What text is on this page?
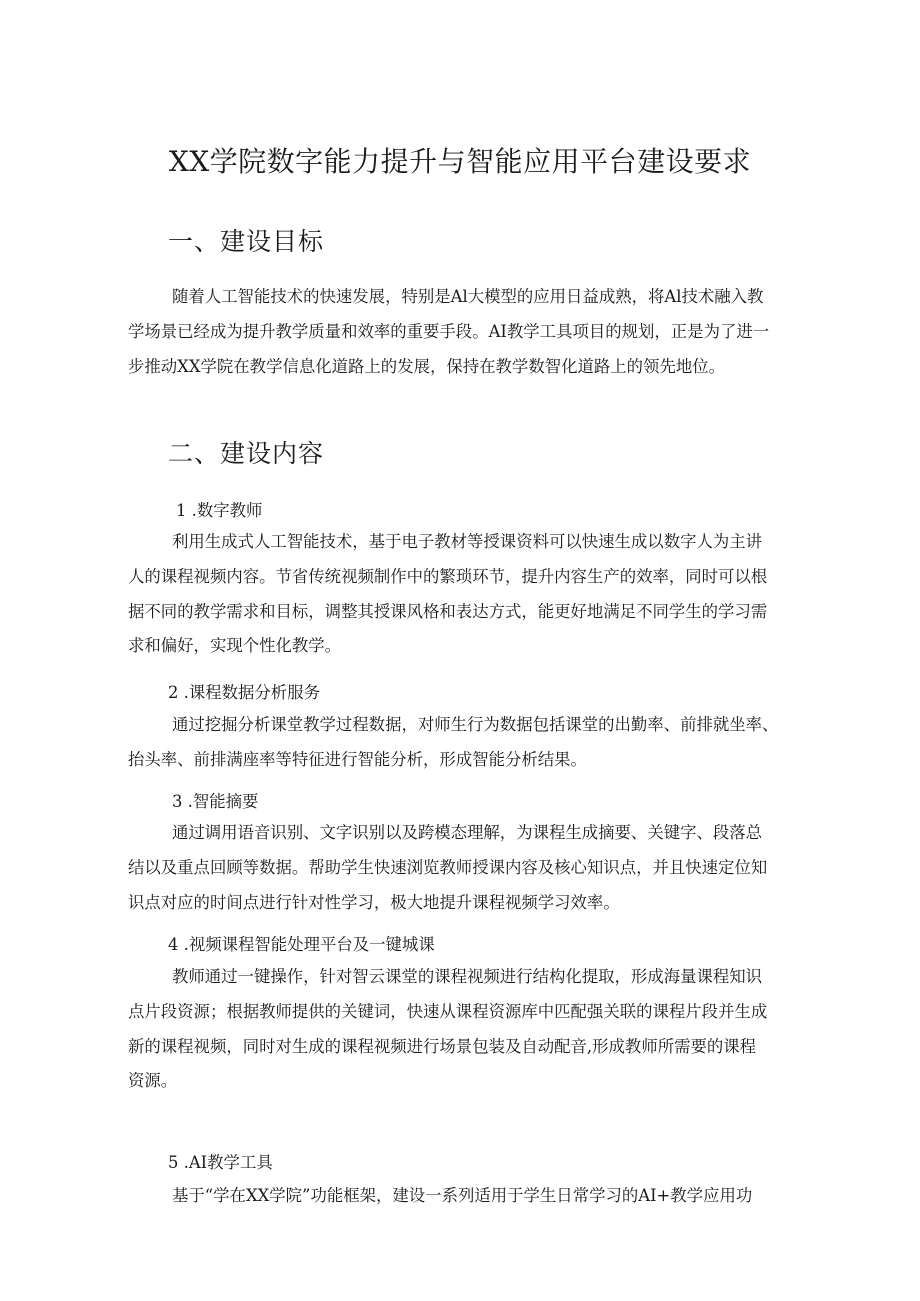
XX学院数字能力提升与智能应用平台建设要求
一、建设目标
随着人工智能技术的快速发展，特别是Al大模型的应用日益成熟，将Al技术融入教
学场景已经成为提升教学质量和效率的重要手段。AI教学工具项目的规划，正是为了进一
步推动XX学院在教学信息化道路上的发展，保持在教学数智化道路上的领先地位。
二、建设内容
1 .数字教师
利用生成式人工智能技术，基于电子教材等授课资料可以快速生成以数字人为主讲
人的课程视频内容。节省传统视频制作中的繁琐环节，提升内容生产的效率，同时可以根
据不同的教学需求和目标，调整其授课风格和表达方式，能更好地满足不同学生的学习需
求和偏好，实现个性化教学。
2 .课程数据分析服务
通过挖掘分析课堂教学过程数据，对师生行为数据包括课堂的出勤率、前排就坐率、
抬头率、前排满座率等特征进行智能分析，形成智能分析结果。
3 .智能摘要
通过调用语音识别、文字识别以及跨模态理解，为课程生成摘要、关键字、段落总
结以及重点回顾等数据。帮助学生快速浏览教师授课内容及核心知识点，并且快速定位知
识点对应的时间点进行针对性学习，极大地提升课程视频学习效率。
4 .视频课程智能处理平台及一键城课
教师通过一键操作，针对智云课堂的课程视频进行结构化提取，形成海量课程知识
点片段资源；根据教师提供的关键词，快速从课程资源库中匹配强关联的课程片段并生成
新的课程视频，同时对生成的课程视频进行场景包装及自动配音,形成教师所需要的课程
资源。
5 .AI教学工具
基于“学在XX学院”功能框架，建设一系列适用于学生日常学习的AI+教学应用功
